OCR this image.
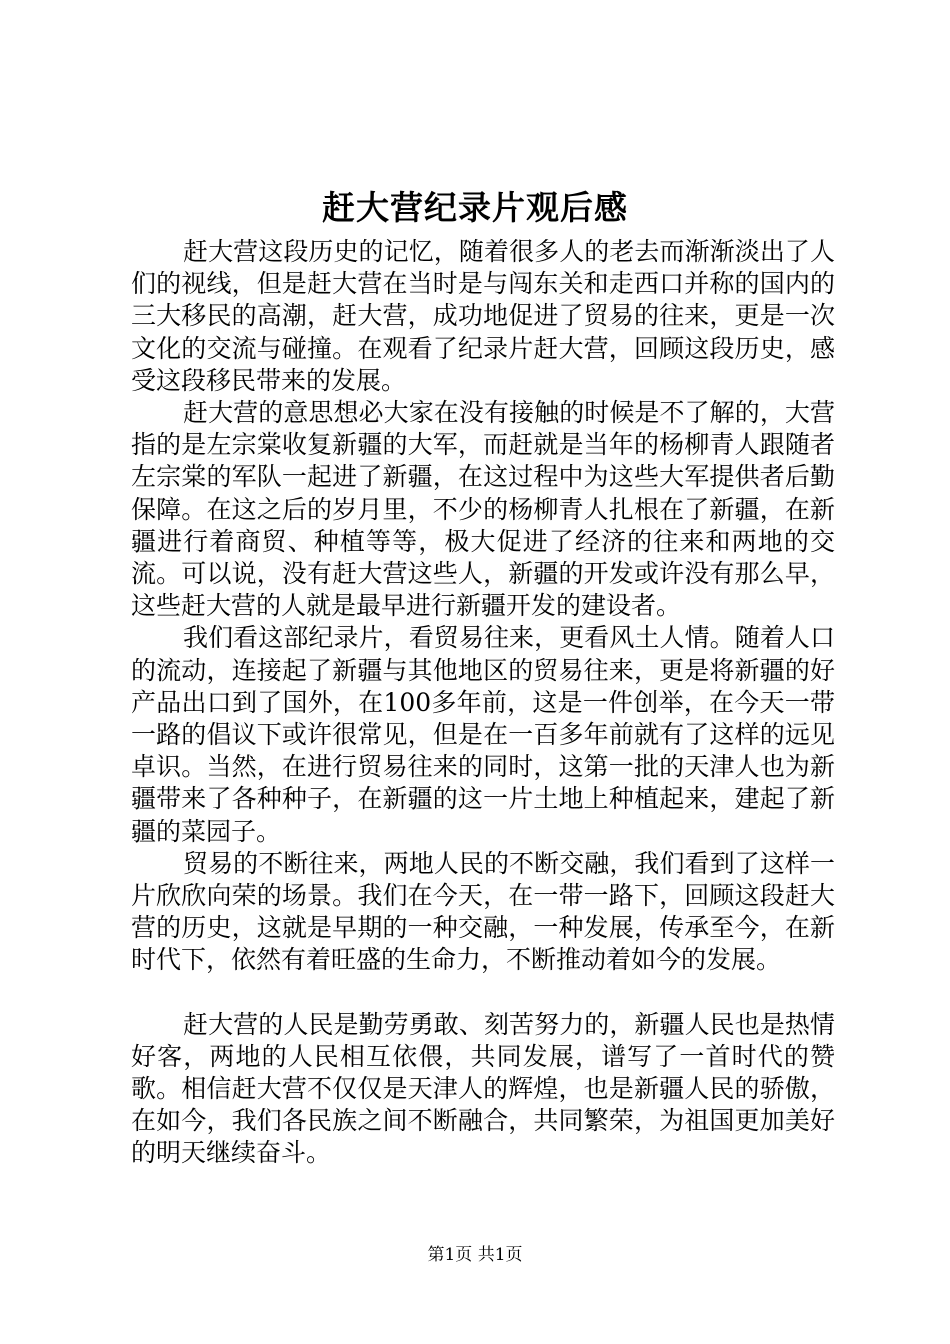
赶大营纪录片观后感

赶大营这段历史的记忆，随着很多人的老去而渐渐淡出了人们的视线，但是赶大营在当时是与闯东关和走西口并称的国内的三大移民的高潮，赶大营，成功地促进了贸易的往来，更是一次文化的交流与碰撞。在观看了纪录片赶大营，回顾这段历史，感受这段移民带来的发展。

赶大营的意思想必大家在没有接触的时候是不了解的，大营指的是左宗棠收复新疆的大军，而赶就是当年的杨柳青人跟随者左宗棠的军队一起进了新疆，在这过程中为这些大军提供者后勤保障。在这之后的岁月里，不少的杨柳青人扎根在了新疆，在新疆进行着商贸、种植等等，极大促进了经济的往来和两地的交流。可以说，没有赶大营这些人，新疆的开发或许没有那么早，这些赶大营的人就是最早进行新疆开发的建设者。

我们看这部纪录片，看贸易往来，更看风土人情。随着人口的流动，连接起了新疆与其他地区的贸易往来，更是将新疆的好产品出口到了国外，在100多年前，这是一件创举，在今天一带一路的倡议下或许很常见，但是在一百多年前就有了这样的远见卓识。当然，在进行贸易往来的同时，这第一批的天津人也为新疆带来了各种种子，在新疆的这一片土地上种植起来，建起了新疆的菜园子。

贸易的不断往来，两地人民的不断交融，我们看到了这样一片欣欣向荣的场景。我们在今天，在一带一路下，回顾这段赶大营的历史，这就是早期的一种交融，一种发展，传承至今，在新时代下，依然有着旺盛的生命力，不断推动着如今的发展。

赶大营的人民是勤劳勇敢、刻苦努力的，新疆人民也是热情好客，两地的人民相互依偎，共同发展，谱写了一首时代的赞歌。相信赶大营不仅仅是天津人的辉煌，也是新疆人民的骄傲，在如今，我们各民族之间不断融合，共同繁荣，为祖国更加美好的明天继续奋斗。

第1页 共1页
